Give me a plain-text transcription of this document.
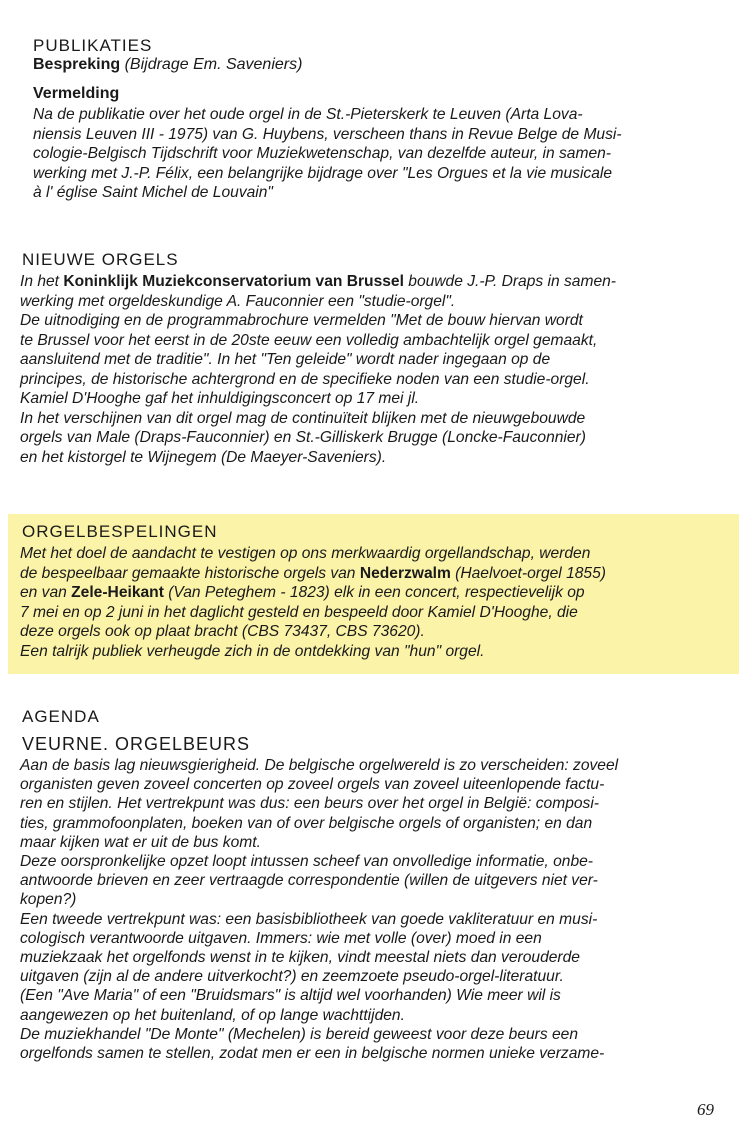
PUBLIKATIES
Bespreking (Bijdrage Em. Saveniers)
Vermelding
Na de publikatie over het oude orgel in de St.-Pieterskerk te Leuven (Arta Lova-
niensis Leuven III - 1975) van G. Huybens, verscheen thans in Revue Belge de Musi-
cologie-Belgisch Tijdschrift voor Muziekwetenschap, van dezelfde auteur, in samen-
werking met J.-P. Félix, een belangrijke bijdrage over "Les Orgues et la vie musicale
à l' église Saint Michel de Louvain"
NIEUWE ORGELS
In het Koninklijk Muziekconservatorium van Brussel bouwde J.-P. Draps in samen-
werking met orgeldeskundige A. Fauconnier een "studie-orgel".
De uitnodiging en de programmabrochure vermelden "Met de bouw hiervan wordt
te Brussel voor het eerst in de 20ste eeuw een volledig ambachtelijk orgel gemaakt,
aansluitend met de traditie". In het "Ten geleide" wordt nader ingegaan op de
principes, de historische achtergrond en de specifieke noden van een studie-orgel.
Kamiel D'Hooghe gaf het inhuldigingsconcert op 17 mei jl.
In het verschijnen van dit orgel mag de continuïteit blijken met de nieuwgebouwde
orgels van Male (Draps-Fauconnier) en St.-Gilliskerk Brugge (Loncke-Fauconnier)
en het kistorgel te Wijnegem (De Maeyer-Saveniers).
ORGELBESPELINGEN
Met het doel de aandacht te vestigen op ons merkwaardig orgellandschap, werden
de bespeelbaar gemaakte historische orgels van Nederzwalm (Haelvoet-orgel 1855)
en van Zele-Heikant (Van Peteghem - 1823) elk in een concert, respectievelijk op
7 mei en op 2 juni in het daglicht gesteld en bespeeld door Kamiel D'Hooghe, die
deze orgels ook op plaat bracht (CBS 73437, CBS 73620).
Een talrijk publiek verheugde zich in de ontdekking van "hun" orgel.
AGENDA
VEURNE. ORGELBEURS
Aan de basis lag nieuwsgierigheid. De belgische orgelwereld is zo verscheiden: zoveel
organisten geven zoveel concerten op zoveel orgels van zoveel uiteenlopende factu-
ren en stijlen. Het vertrekpunt was dus: een beurs over het orgel in België: composi-
ties, grammofoonplaten, boeken van of over belgische orgels of organisten; en dan
maar kijken wat er uit de bus komt.
Deze oorspronkelijke opzet loopt intussen scheef van onvolledige informatie, onbe-
antwoorde brieven en zeer vertraagde correspondentie (willen de uitgevers niet ver-
kopen?)
Een tweede vertrekpunt was: een basisbibliotheek van goede vakliteratuur en musi-
cologisch verantwoorde uitgaven. Immers: wie met volle (over) moed in een
muziekzaak het orgelfonds wenst in te kijken, vindt meestal niets dan verouderde
uitgaven (zijn al de andere uitverkocht?) en zeemzoete pseudo-orgel-literatuur.
(Een "Ave Maria" of een "Bruidsmars" is altijd wel voorhanden) Wie meer wil is
aangewezen op het buitenland, of op lange wachttijden.
De muziekhandel "De Monte" (Mechelen) is bereid geweest voor deze beurs een
orgelfonds samen te stellen, zodat men er een in belgische normen unieke verzame-
69
